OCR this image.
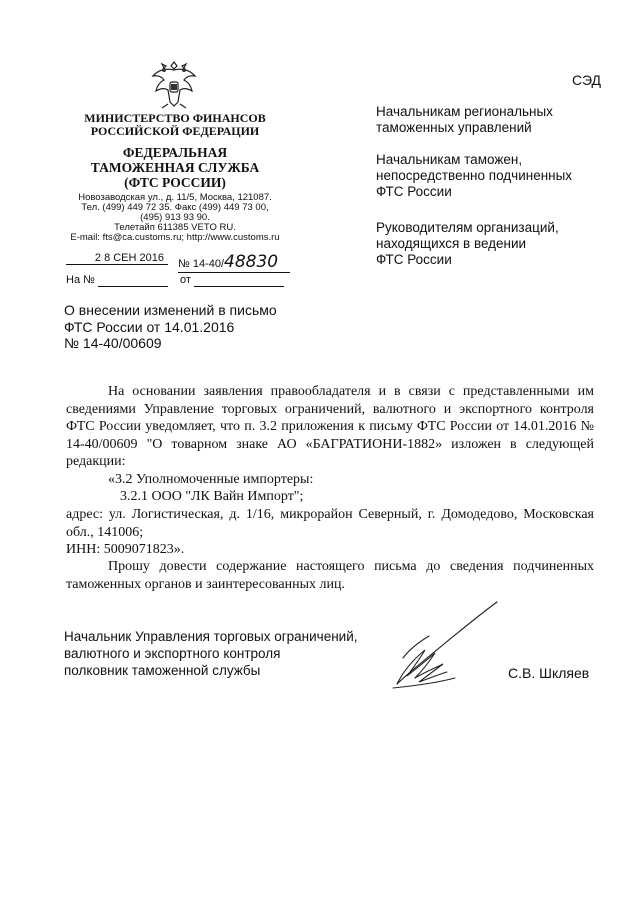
МИНИСТЕРСТВО ФИНАНСОВ
РОССИЙСКОЙ ФЕДЕРАЦИИ
ФЕДЕРАЛЬНАЯ
ТАМОЖЕННАЯ СЛУЖБА
(ФТС РОССИИ)
Новозаводская ул., д. 11/5, Москва, 121087.
Тел. (499) 449 72 35. Факс (499) 449 73 00,
(495) 913 93 90.
Телетайп 611385 VETO RU.
E-mail: fts@ca.customs.ru; http://www.customs.ru
2 8 СЕН 2016	№ 14-40/48830
На №	от
СЭД
Начальникам региональных
таможенных управлений
Начальникам таможен,
непосредственно подчиненных
ФТС России
Руководителям организаций,
находящихся в ведении
ФТС России
О внесении изменений в письмо
ФТС России от 14.01.2016
№ 14-40/00609
На основании заявления правообладателя и в связи с представленными им сведениями Управление торговых ограничений, валютного и экспортного контроля ФТС России уведомляет, что п. 3.2 приложения к письму ФТС России от 14.01.2016 № 14-40/00609 "О товарном знаке АО «БАГРАТИОНИ-1882» изложен в следующей редакции:
«3.2 Уполномоченные импортеры:
3.2.1 ООО "ЛК Вайн Импорт";
адрес: ул. Логистическая, д. 1/16, микрорайон Северный, г. Домодедово, Московская обл., 141006;
ИНН: 5009071823».
Прошу довести содержание настоящего письма до сведения подчиненных таможенных органов и заинтересованных лиц.
Начальник Управления торговых ограничений,
валютного и экспортного контроля
полковник таможенной службы	С.В. Шкляев
